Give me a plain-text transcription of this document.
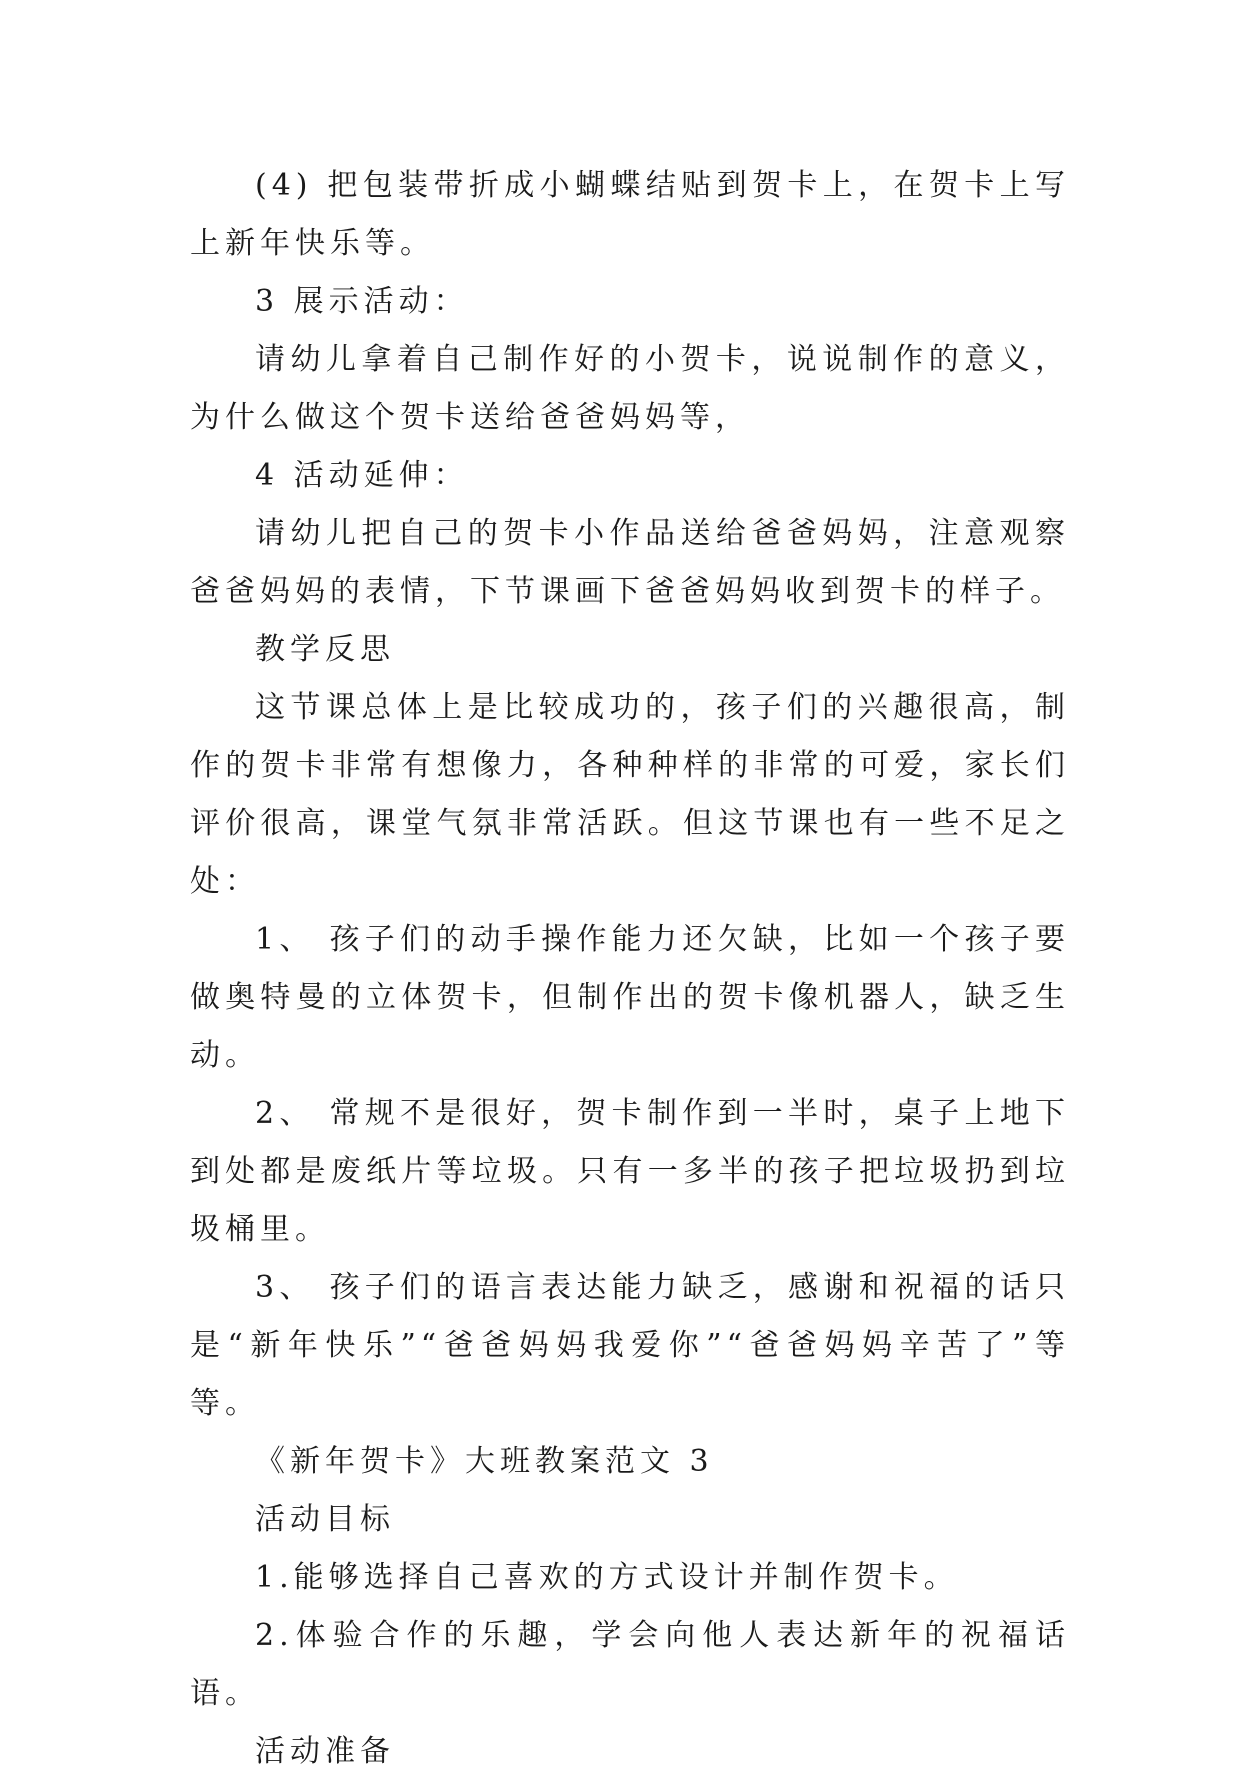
(4) 把包装带折成小蝴蝶结贴到贺卡上，在贺卡上写上新年快乐等。

3 展示活动：

请幼儿拿着自己制作好的小贺卡，说说制作的意义，为什么做这个贺卡送给爸爸妈妈等，

4 活动延伸：

请幼儿把自己的贺卡小作品送给爸爸妈妈，注意观察爸爸妈妈的表情，下节课画下爸爸妈妈收到贺卡的样子。

教学反思

这节课总体上是比较成功的，孩子们的兴趣很高，制作的贺卡非常有想像力，各种种样的非常的可爱，家长们评价很高，课堂气氛非常活跃。但这节课也有一些不足之处：

1、 孩子们的动手操作能力还欠缺，比如一个孩子要做奥特曼的立体贺卡，但制作出的贺卡像机器人，缺乏生动。

2、 常规不是很好，贺卡制作到一半时，桌子上地下到处都是废纸片等垃圾。只有一多半的孩子把垃圾扔到垃圾桶里。

3、 孩子们的语言表达能力缺乏，感谢和祝福的话只是“新年快乐”“爸爸妈妈我爱你”“爸爸妈妈辛苦了”等等。

《新年贺卡》大班教案范文 3

活动目标

1.能够选择自己喜欢的方式设计并制作贺卡。

2.体验合作的乐趣，学会向他人表达新年的祝福话语。

活动准备
